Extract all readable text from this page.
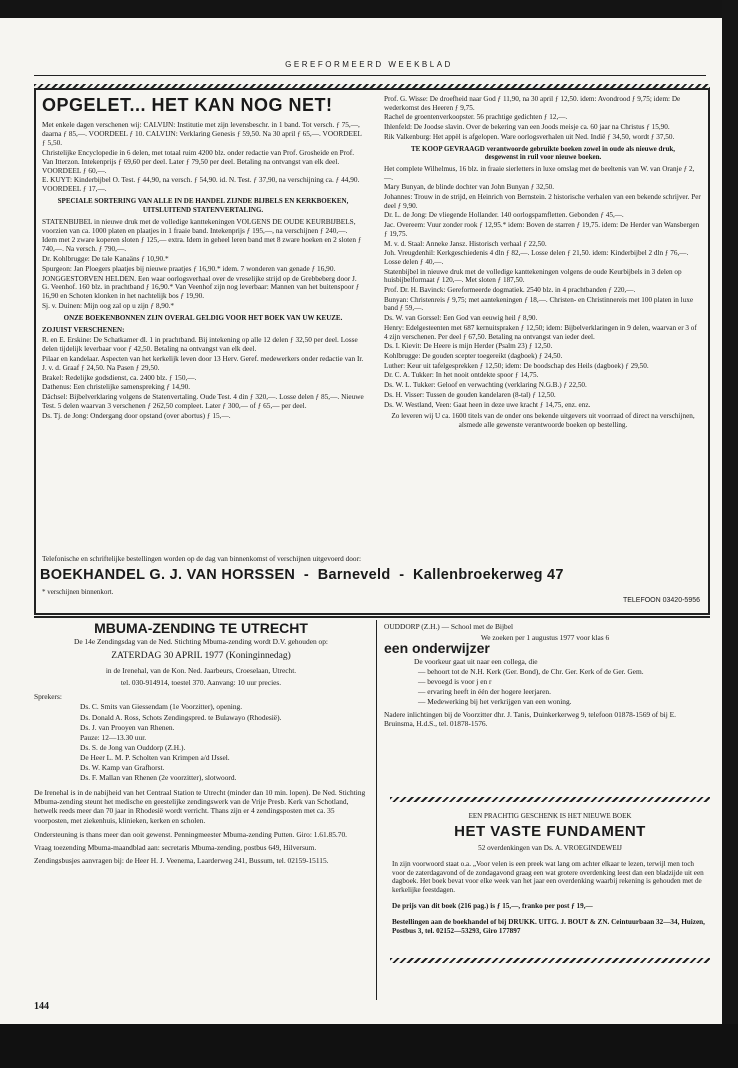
GEREFORMEERD WEEKBLAD
OPGELET... HET KAN NOG NET!

Met enkele dagen verschenen wij: CALVIJN: Institutie met zijn levensbeschr. in 1 band. Tot versch. ƒ 75,—, daarna ƒ 85,—. VOORDEEL ƒ 10. CALVIJN: Verklaring Genesis ƒ 59,50. Na 30 april ƒ 65,—. VOORDEEL ƒ 5,50.

Christelijke Encyclopedie in 6 delen, met totaal ruim 4200 blz. onder redactie van Prof. Grosheide en Prof. Van Itterzon. Intekenprijs ƒ 69,60 per deel. Later ƒ 79,50 per deel. Betaling na ontvangst van elk deel. VOORDEEL ƒ 60,—.

E. KUYT: Kinderbijbel O. Test. ƒ 44,90, na versch. ƒ 54,90. id. N. Test. ƒ 37,90, na verschijning ca. ƒ 44,90. VOORDEEL ƒ 17,—.

SPECIALE SORTERING VAN ALLE IN DE HANDEL ZIJNDE BIJBELS EN KERKBOEKEN, UITSLUITEND STATENVERTALING.

STATENBIJBEL in nieuwe druk met de volledige kanttekeningen VOLGENS DE OUDE KEURBIJBELS, voorzien van ca. 1000 platen en plaatjes in 1 fraaie band. Intekenprijs ƒ 195,—, na verschijnen ƒ 240,—. Idem met 2 zware koperen sloten ƒ 125,— extra. Idem in geheel leren band met 8 zware hoeken en 2 sloten ƒ 740,—. Na versch. ƒ 790,—.

Dr. Kohlbrugge: De tale Kanaäns ƒ 10,90.*

Spurgeon: Jan Ploegers plaatjes bij nieuwe praatjes ƒ 16,90.* idem. 7 wonderen van genade ƒ 16,90.

JONGGESTORVEN HELDEN. Een waar oorlogsverhaal over de vreselijke strijd op de Grebbeberg door J. G. Veenhof. 160 blz. in prachtband ƒ 16,90.* Van Veenhof zijn nog leverbaar: Mannen van het buitenspoor ƒ 16,90 en Schoten klonken in het nachtelijk bos ƒ 19,90.

Sj. v. Duinen: Mijn oog zal op u zijn ƒ 8,90.*

ONZE BOEKENBONNEN ZIJN OVERAL GELDIG VOOR HET BOEK VAN UW KEUZE.

ZOJUIST VERSCHENEN:

R. en E. Erskine: De Schatkamer dl. 1 in prachtband. Bij intekening op alle 12 delen ƒ 32,50 per deel. Losse delen tijdelijk leverbaar voor ƒ 42,50. Betaling na ontvangst van elk deel.

Pilaar en kandelaar. Aspecten van het kerkelijk leven door 13 Herv. Geref. medewerkers onder redactie van Ir. J. v. d. Graaf ƒ 24,50. Na Pasen ƒ 29,50.

Brakel: Redelijke godsdienst, ca. 2400 blz. ƒ 150,—.

Dathenus: Een christelijke samenspreking ƒ 14,90.

Dächsel: Bijbelverklaring volgens de Statenvertaling. Oude Test. 4 din ƒ 320,—. Losse delen ƒ 85,—. Nieuwe Test. 5 delen waarvan 3 verschenen ƒ 262,50 compleet. Later ƒ 300,— of ƒ 65,— per deel.

Ds. Tj. de Jong: Ondergang door opstand (over abortus) ƒ 15,—.

Prof. G. Wisse: De droefheid naar God ƒ 11,90, na 30 april ƒ 12,50. idem: Avondrood ƒ 9,75; idem: De wederkomst des Heeren ƒ 9,75.

Rachel de groentenverkoopster. 56 prachtige gedichten ƒ 12,—.

Ihlenfeld: De Joodse slavin. Over de bekering van een Joods meisje ca. 60 jaar na Christus ƒ 15,90.

Rik Valkenburg: Het appèl is afgelopen. Ware oorlogsverhalen uit Ned. Indië ƒ 34,50, wordt ƒ 37,50.

TE KOOP GEVRAAGD verantwoorde gebruikte boeken zowel in oude als nieuwe druk, desgewenst in ruil voor nieuwe boeken.

Het complete Wilhelmus, 16 blz. in fraaie sierletters in luxe omslag met de beeltenis van W. van Oranje ƒ 2,—.

Mary Bunyan, de blinde dochter van John Bunyan ƒ 32,50.

Johannes: Trouw in de strijd, en Heinrich von Bernstein. 2 historische verhalen van een bekende schrijver. Per deel ƒ 9,90.

Dr. L. de Jong: De vliegende Hollander. 140 oorlogspamfletten. Gebonden ƒ 45,—.

Jac. Overeem: Vuur zonder rook ƒ 12,95.* idem: Boven de starren ƒ 19,75. idem: De Herder van Wansbergen ƒ 19,75.

M. v. d. Staal: Anneke Jansz. Historisch verhaal ƒ 22,50.

Joh. Vreugdenhil: Kerkgeschiedenis 4 dln ƒ 82,—. Losse delen ƒ 21,50. idem: Kinderbijbel 2 dln ƒ 76,—. Losse delen ƒ 40,—.

Statenbijbel in nieuwe druk met de volledige kanttekeningen volgens de oude Keurbijbels in 3 delen op huisbijbelformaat ƒ 120,—. Met sloten ƒ 187,50.

Prof. Dr. H. Bavinck: Gereformeerde dogmatiek. 2540 blz. in 4 prachtbanden ƒ 220,—.

Bunyan: Christenreis ƒ 9,75; met aantekeningen ƒ 18,—. Christen- en Christinnereis met 100 platen in luxe band ƒ 59,—.

Ds. W. van Gorssel: Een God van eeuwig heil ƒ 8,90.

Henry: Edelgesteenten met 687 kernuitspraken ƒ 12,50; idem: Bijbelverklaringen in 9 delen, waarvan er 3 of 4 zijn verschenen. Per deel ƒ 67,50. Betaling na ontvangst van ieder deel.

Ds. I. Kievit: De Heere is mijn Herder (Psalm 23) ƒ 12,50.

Kohlbrugge: De gouden scepter toegereikt (dagboek) ƒ 24,50.

Luther: Keur uit tafelgesprekken ƒ 12,50; idem: De boodschap des Heils (dagboek) ƒ 29,50.

Dr. C. A. Tukker: In het nooit ontdekte spoor ƒ 14,75.

Ds. W. L. Tukker: Geloof en verwachting (verklaring N.G.B.) ƒ 22,50.

Ds. H. Visser: Tussen de gouden kandelaren (8-tal) ƒ 12,50.

Ds. W. Westland, Veen: Gaat heen in deze uwe kracht ƒ 14,75, enz. enz.

Zo leveren wij U ca. 1600 titels van de onder ons bekende uitgevers uit voorraad of direct na verschijnen, alsmede alle gewenste verantwoorde boeken op bestelling.

Telefonische en schriftelijke bestellingen worden op de dag van binnenkomst of verschijnen uitgevoerd door:
BOEKHANDEL G. J. VAN HORSSEN  -  Barneveld  -  Kallenbroekerweg 47
* verschijnen binnenkort.
TELEFOON 03420-5956
MBUMA-ZENDING TE UTRECHT

De 14e Zendingsdag van de Ned. Stichting Mbuma-zending wordt D.V. gehouden op:

ZATERDAG 30 APRIL 1977 (Koninginnedag)

in de Irenehal, van de Kon. Ned. Jaarbeurs, Croeselaan, Utrecht.

tel. 030-914914, toestel 370. Aanvang: 10 uur precies.

Sprekers:

Ds. C. Smits van Giessendam (1e Voorzitter), opening.

Ds. Donald A. Ross, Schots Zendingspred. te Bulawayo (Rhodesië).

Ds. J. van Prooyen van Rhenen.

Pauze: 12—13.30 uur.

Ds. S. de Jong van Ouddorp (Z.H.).

De Heer L. M. P. Scholten van Krimpen a/d IJssel.

Ds. W. Kamp van Grafhorst.

Ds. F. Mallan van Rhenen (2e voorzitter), slotwoord.

De Irenehal is in de nabijheid van het Centraal Station te Utrecht (minder dan 10 min. lopen). De Ned. Stichting Mbuma-zending steunt het medische en geestelijke zendingswerk van de Vrije Presb. Kerk van Schotland, hetwelk reeds meer dan 70 jaar in Rhodesië wordt verricht. Thans zijn er 4 zendingsposten met ca. 35 voorposten, met ziekenhuis, klinieken, kerken en scholen.

Ondersteuning is thans meer dan ooit gewenst. Penningmeester Mbuma-zending Putten. Giro: 1.61.85.70.

Vraag toezending Mbuma-maandblad aan: secretaris Mbuma-zending, postbus 649, Hilversum.

Zendingsbusjes aanvragen bij: de Heer H. J. Veenema, Laarderweg 241, Bussum, tel. 02159-15115.

OUDDORP (Z.H.) — School met de Bijbel

We zoeken per 1 augustus 1977 voor klas 6

een onderwijzer

De voorkeur gaat uit naar een collega, die

— behoort tot de N.H. Kerk (Ger. Bond), de Chr. Ger. Kerk of de Ger. Gem.

— bevoegd is voor j en r

— ervaring heeft in één der hogere leerjaren.

— Medewerking bij het verkrijgen van een woning.

Nadere inlichtingen bij de Voorzitter dhr. J. Tanis, Duinkerkerweg 9, telefoon 01878-1569 of bij E. Bruinsma, H.d.S., tel. 01878-1576.

EEN PRACHTIG GESCHENK IS HET NIEUWE BOEK

HET VASTE FUNDAMENT

52 overdenkingen van Ds. A. VROEGINDEWEIJ

In zijn voorwoord staat o.a. „Voor velen is een preek wat lang om achter elkaar te lezen, terwijl men toch voor de zaterdagavond of de zondagavond graag een wat grotere overdenking leest dan een bladzijde uit een dagboek. Het boek bevat voor elke week van het jaar een overdenking waarbij rekening is gehouden met de kerkelijke feestdagen.

De prijs van dit boek (216 pag.) is ƒ 15,—, franko per post ƒ 19,—

Bestellingen aan de boekhandel of bij DRUKK. UITG. J. BOUT & ZN. Ceintuurbaan 32—34, Huizen, Postbus 3, tel. 02152—53293, Giro 177897

144
